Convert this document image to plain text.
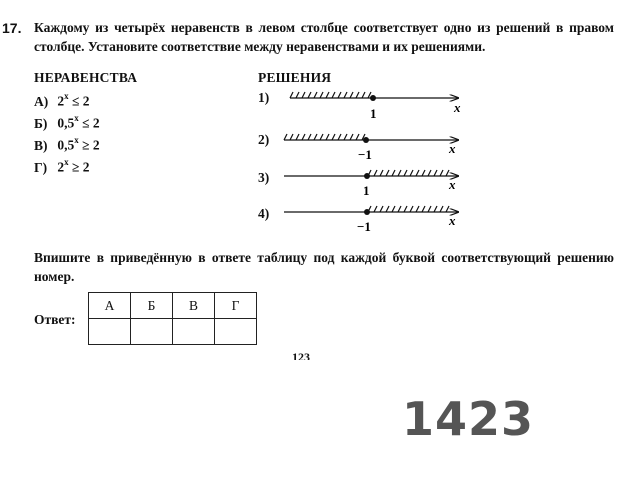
17. Каждому из четырёх неравенств в левом столбце соответствует одно из решений в правом столбце. Установите соответствие между неравенствами и их решениями.
НЕРАВЕНСТВА
А) $2^x \le 2$
Б) $0,5^x \le 2$
В) $0,5^x \ge 2$
Г) $2^x \ge 2$
РЕШЕНИЯ
1)
2)
3)
4)
1	x
−1	x
1	x
−1	x
Впишите в приведённую в ответе таблицу под каждой буквой соответствующий решению номер.
Ответ:
А	Б	В	Г

123
1423
